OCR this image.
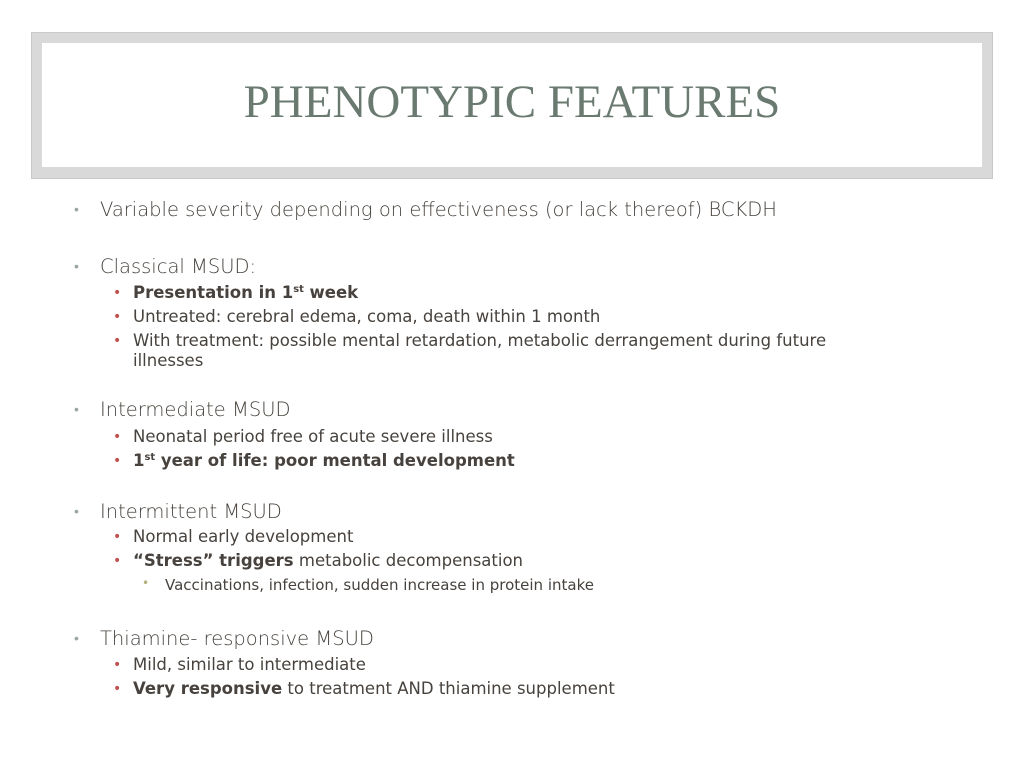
PHENOTYPIC FEATURES
• Variable severity depending on effectiveness (or lack thereof) BCKDH
• Classical MSUD:
• Presentation in 1st week
• Untreated: cerebral edema, coma, death within 1 month
• With treatment: possible mental retardation, metabolic derrangement during future
illnesses
• Intermediate MSUD
• Neonatal period free of acute severe illness
• 1st year of life: poor mental development
• Intermittent MSUD
• Normal early development
• “Stress” triggers metabolic decompensation
• Vaccinations, infection, sudden increase in protein intake
• Thiamine- responsive MSUD
• Mild, similar to intermediate
• Very responsive to treatment AND thiamine supplement
